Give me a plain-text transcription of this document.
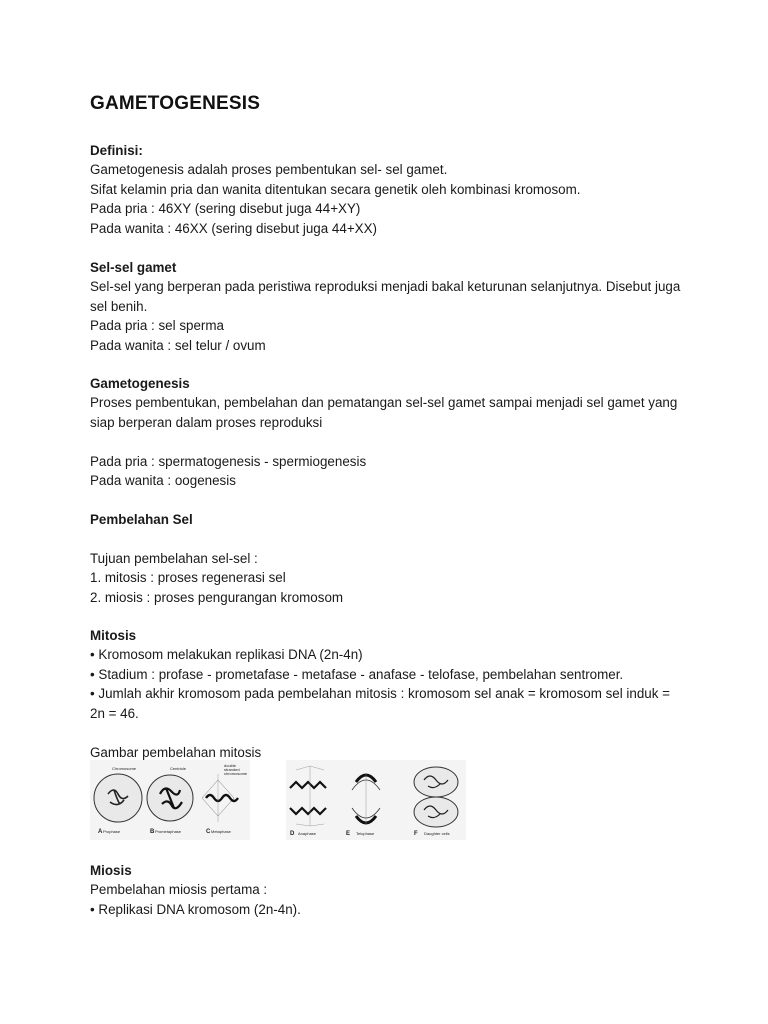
GAMETOGENESIS

Definisi:

Gametogenesis adalah proses pembentukan sel- sel gamet.

Sifat kelamin pria dan wanita ditentukan secara genetik oleh kombinasi kromosom.

Pada pria : 46XY (sering disebut juga 44+XY)

Pada wanita : 46XX (sering disebut juga 44+XX)

Sel-sel gamet

Sel-sel yang berperan pada peristiwa reproduksi menjadi bakal keturunan selanjutnya. Disebut juga

sel benih.

Pada pria : sel sperma

Pada wanita : sel telur / ovum

Gametogenesis

Proses pembentukan, pembelahan dan pematangan sel-sel gamet sampai menjadi sel gamet yang

siap berperan dalam proses reproduksi

Pada pria : spermatogenesis - spermiogenesis

Pada wanita : oogenesis

Pembelahan Sel

Tujuan pembelahan sel-sel :

1. mitosis : proses regenerasi sel

2. miosis : proses pengurangan kromosom

Mitosis

• Kromosom melakukan replikasi DNA (2n-4n)

• Stadium : profase - prometafase - metafase - anafase - telofase, pembelahan sentromer.

• Jumlah akhir kromosom pada pembelahan mitosis : kromosom sel anak = kromosom sel induk =

2n = 46.

Gambar pembelahan mitosis

Chromosome	Centriole
double
stranded
chromosome
A Prophase	B Prometaphase	C Metaphase	D Anaphase	E Telophase	F Daughter cells

Miosis

Pembelahan miosis pertama :

• Replikasi DNA kromosom (2n-4n).
